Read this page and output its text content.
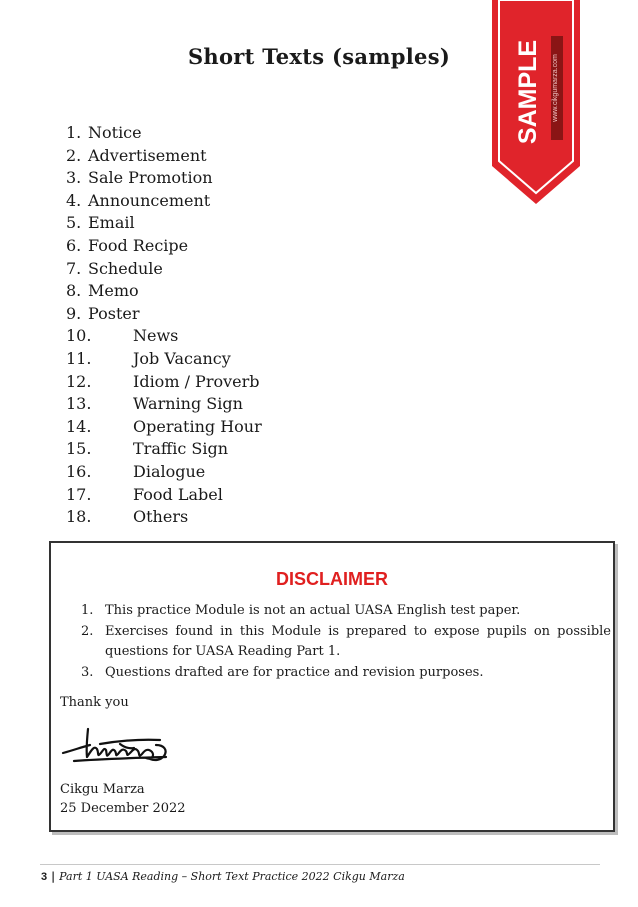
Short Texts (samples)	SAMPLE www.cikgumarza.com
1. Notice
2. Advertisement
3. Sale Promotion
4. Announcement
5. Email
6. Food Recipe
7. Schedule
8. Memo
9. Poster
10.	News
11.	Job Vacancy
12.	Idiom / Proverb
13.	Warning Sign
14.	Operating Hour
15.	Traffic Sign
16.	Dialogue
17.	Food Label
18.	Others
DISCLAIMER
1. This practice Module is not an actual UASA English test paper.
2. Exercises found in this Module is prepared to expose pupils on possible questions for UASA Reading Part 1.
3. Questions drafted are for practice and revision purposes.
Thank you
Cikgu Marza
25 December 2022
3 | Part 1 UASA Reading – Short Text Practice 2022 Cikgu Marza
